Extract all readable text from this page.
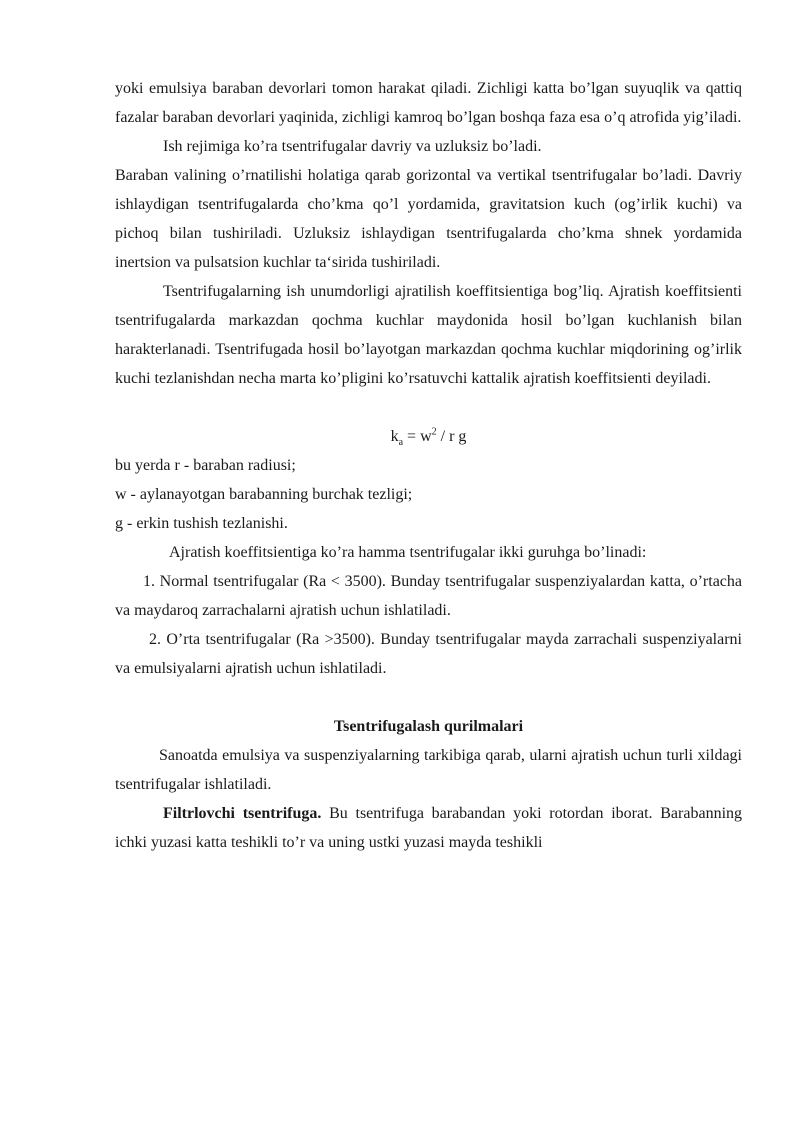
yoki emulsiya baraban devorlari tomon harakat qiladi. Zichligi katta bo’lgan suyuqlik va qattiq fazalar baraban devorlari yaqinida, zichligi kamroq bo’lgan boshqa faza esa o’q atrofida yig’iladi.

Ish rejimiga ko’ra tsentrifugalar davriy va uzluksiz bo’ladi.

Baraban valining o’rnatilishi holatiga qarab gorizontal va vertikal tsentrifugalar bo’ladi. Davriy ishlaydigan tsentrifugalarda cho’kma qo’l yordamida, gravitatsion kuch (og’irlik kuchi) va pichoq bilan tushiriladi. Uzluksiz ishlaydigan tsentrifugalarda cho’kma shnek yordamida inertsion va pulsatsion kuchlar ta‘sirida tushiriladi.

Tsentrifugalarning ish unumdorligi ajratilish koeffitsientiga bog’liq. Ajratish koeffitsienti tsentrifugalarda markazdan qochma kuchlar maydonida hosil bo’lgan kuchlanish bilan harakterlanadi. Tsentrifugada hosil bo’layotgan markazdan qochma kuchlar miqdorining og’irlik kuchi tezlanishdan necha marta ko’pligini ko’rsatuvchi kattalik ajratish koeffitsienti deyiladi.

$k_a = w^2 / r$ g

bu yerda r - baraban radiusi;

w - aylanayotgan barabanning burchak tezligi;

g - erkin tushish tezlanishi.

Ajratish koeffitsientiga ko’ra hamma tsentrifugalar ikki guruhga bo’linadi:

1. Normal tsentrifugalar (Ra < 3500). Bunday tsentrifugalar suspenziyalardan katta, o’rtacha va maydaroq zarrachalarni ajratish uchun ishlatiladi.

2. O’rta tsentrifugalar (Ra >3500). Bunday tsentrifugalar mayda zarrachali suspenziyalarni va emulsiyalarni ajratish uchun ishlatiladi.

Tsentrifugalash qurilmalari

Sanoatda emulsiya va suspenziyalarning tarkibiga qarab, ularni ajratish uchun turli xildagi tsentrifugalar ishlatiladi.

Filtrlovchi tsentrifuga. Bu tsentrifuga barabandan yoki rotordan iborat. Barabanning ichki yuzasi katta teshikli to’r va uning ustki yuzasi mayda teshikli
